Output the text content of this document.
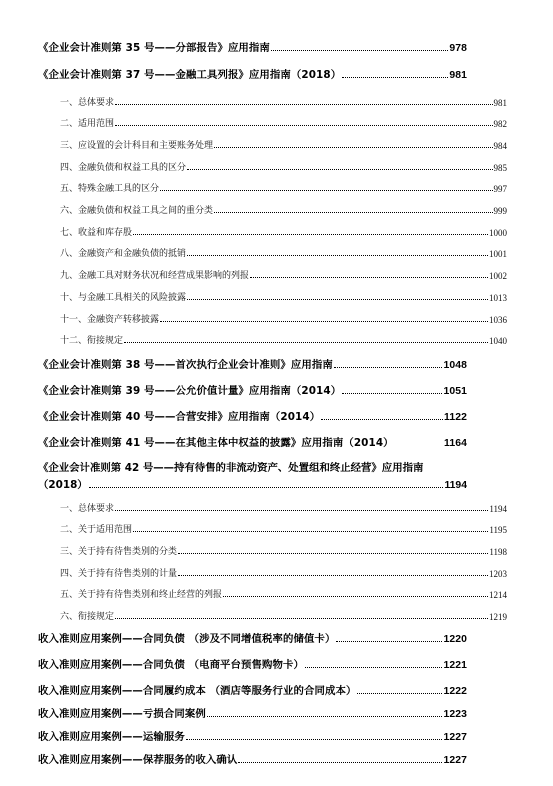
《企业会计准则第 35 号——分部报告》应用指南	978
《企业会计准则第 37 号——金融工具列报》应用指南（2018）	981
一、总体要求	981
二、适用范围	982
三、应设置的会计科目和主要账务处理	984
四、金融负债和权益工具的区分	985
五、特殊金融工具的区分	997
六、金融负债和权益工具之间的重分类	999
七、收益和库存股	1000
八、金融资产和金融负债的抵销	1001
九、金融工具对财务状况和经营成果影响的列报	1002
十、与金融工具相关的风险披露	1013
十一、金融资产转移披露	1036
十二、衔接规定	1040
《企业会计准则第 38 号——首次执行企业会计准则》应用指南	1048
《企业会计准则第 39 号——公允价值计量》应用指南（2014）	1051
《企业会计准则第 40 号——合营安排》应用指南（2014）	1122
《企业会计准则第 41 号——在其他主体中权益的披露》应用指南（2014）	1164
《企业会计准则第 42 号——持有待售的非流动资产、处置组和终止经营》应用指南
（2018）	1194
一、总体要求	1194
二、关于适用范围	1195
三、关于持有待售类别的分类	1198
四、关于持有待售类别的计量	1203
五、关于持有待售类别和终止经营的列报	1214
六、衔接规定	1219
收入准则应用案例——合同负债 （涉及不同增值税率的储值卡）	1220
收入准则应用案例——合同负债 （电商平台预售购物卡）	1221
收入准则应用案例——合同履约成本 （酒店等服务行业的合同成本）	1222
收入准则应用案例——亏损合同案例	1223
收入准则应用案例——运输服务	1227
收入准则应用案例——保荐服务的收入确认	1227
